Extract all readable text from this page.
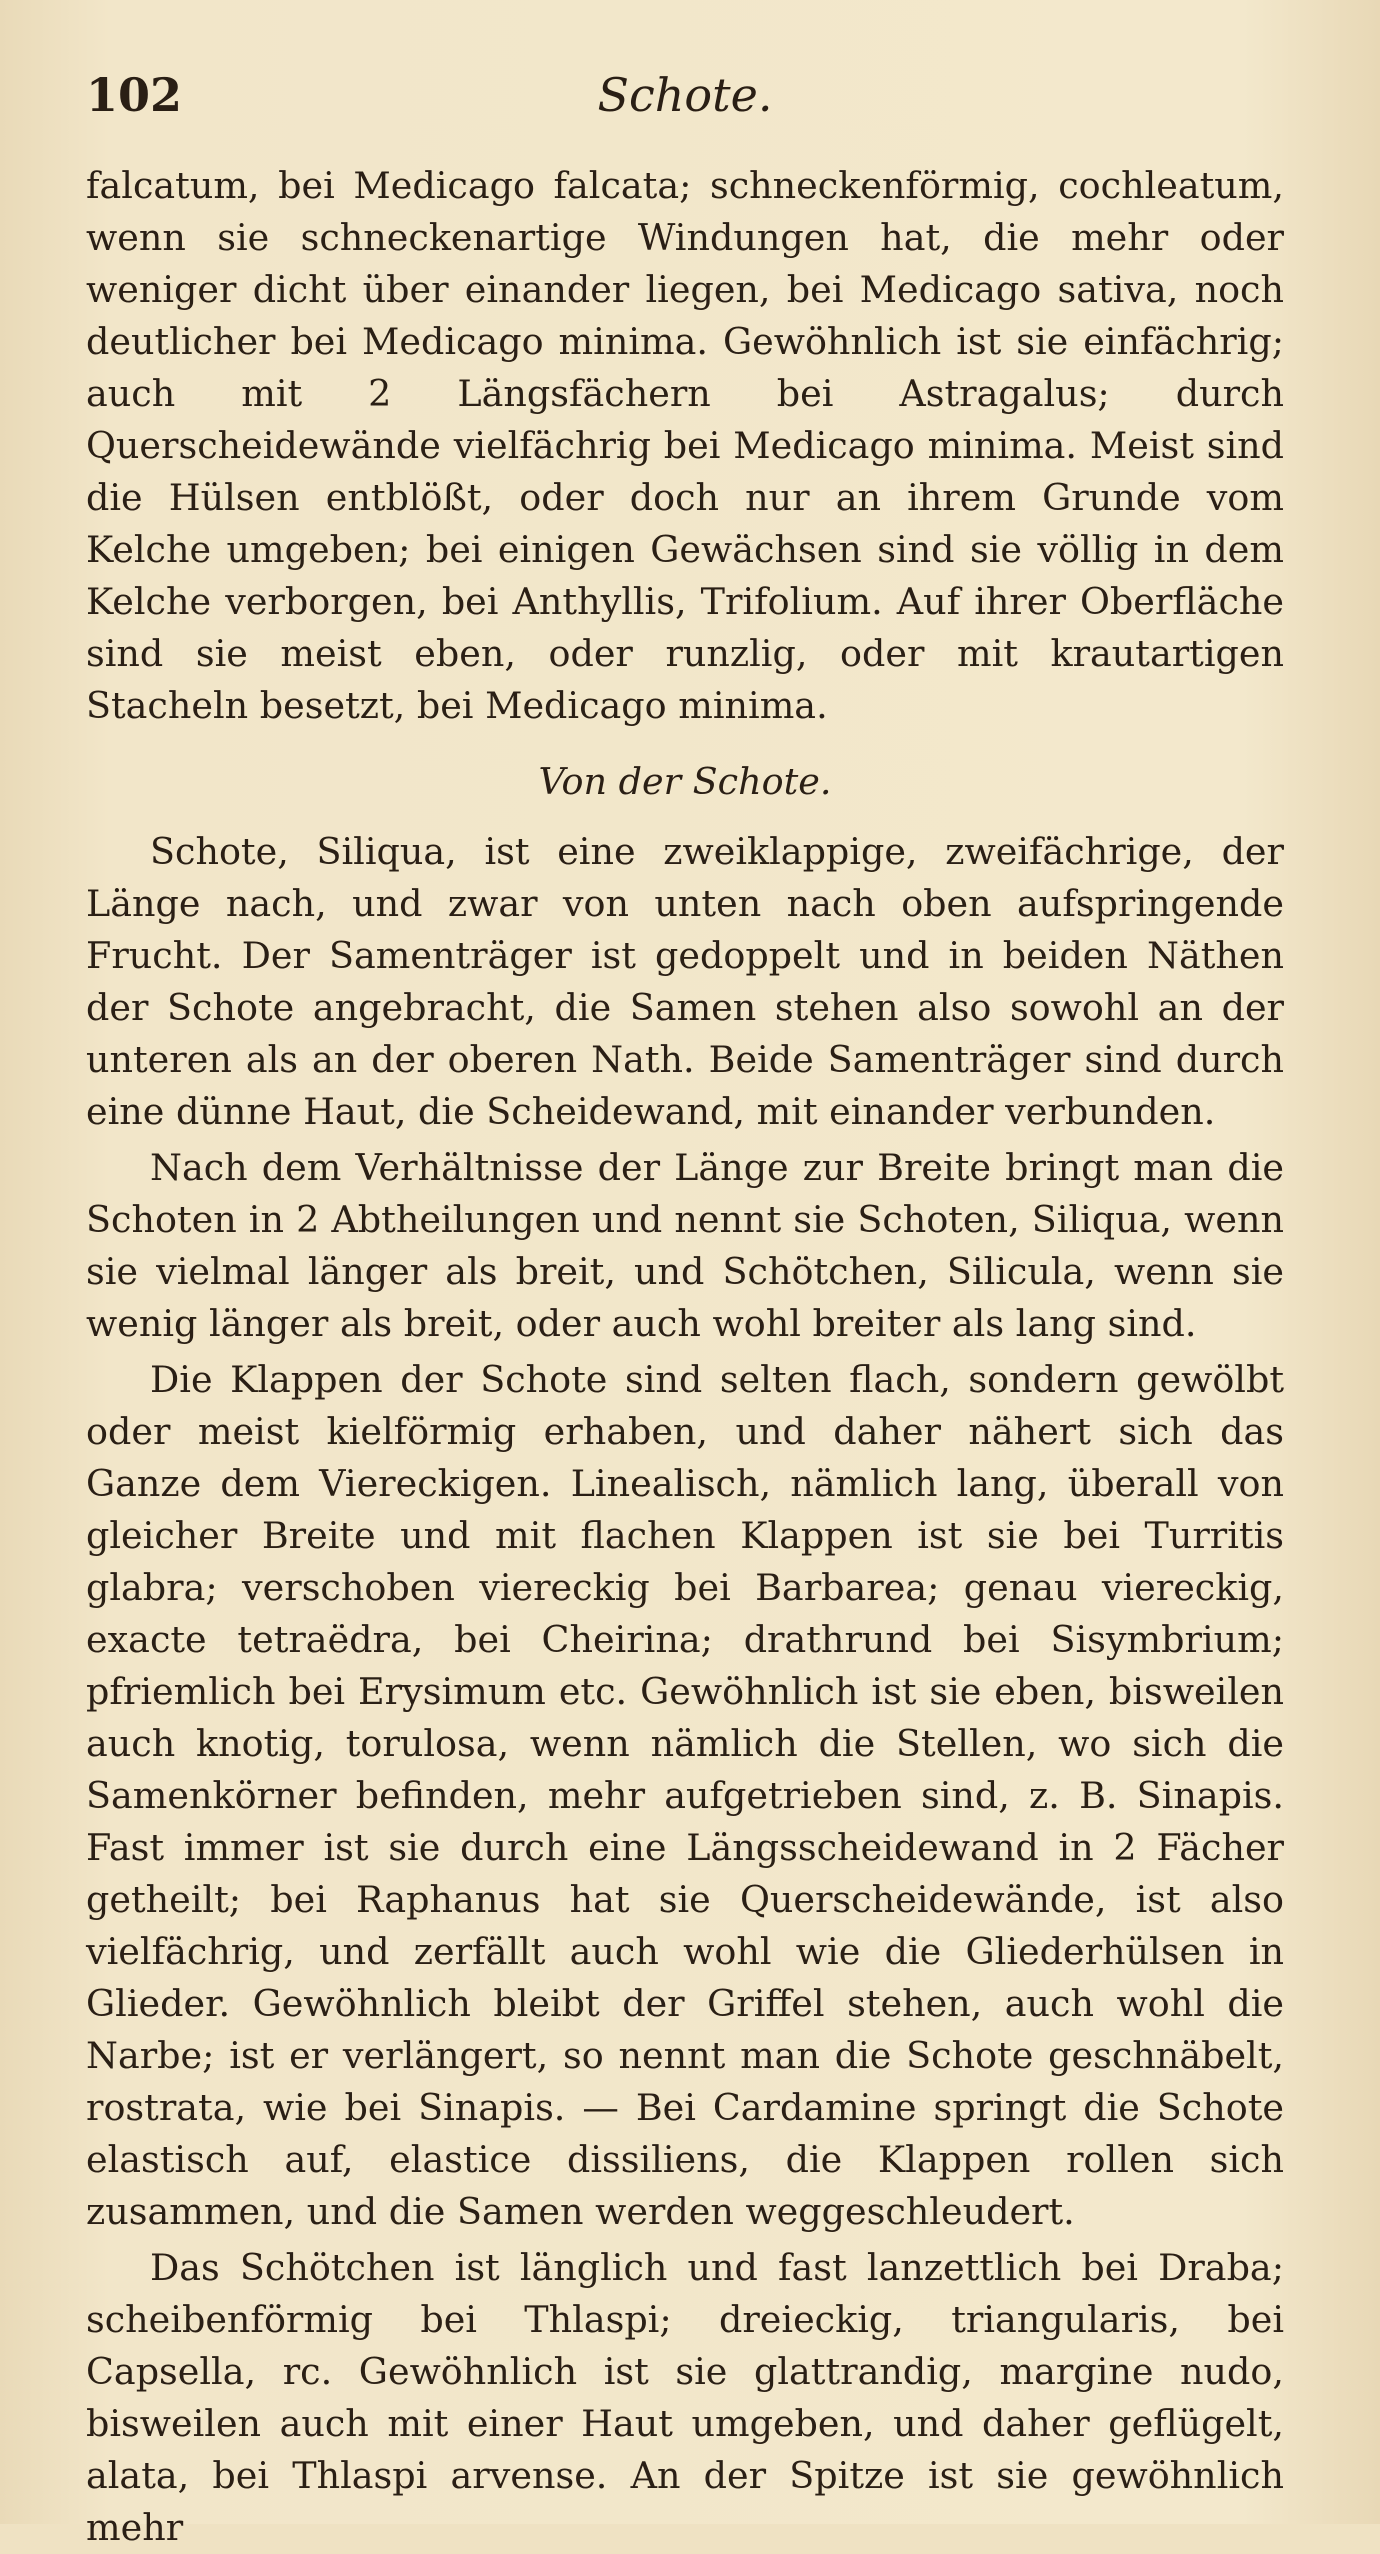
102	Schote.

falcatum, bei Medicago falcata; schneckenförmig, cochleatum, wenn sie schneckenartige Windungen hat, die mehr oder weniger dicht über einander liegen, bei Medicago sativa, noch deutlicher bei Medicago minima. Gewöhnlich ist sie einfächrig; auch mit 2 Längsfächern bei Astragalus; durch Querscheidewände vielfächrig bei Medicago minima. Meist sind die Hülsen entblößt, oder doch nur an ihrem Grunde vom Kelche umgeben; bei einigen Gewächsen sind sie völlig in dem Kelche verborgen, bei Anthyllis, Trifolium. Auf ihrer Oberfläche sind sie meist eben, oder runzlig, oder mit krautartigen Stacheln besetzt, bei Medicago minima.

Von der Schote.

Schote, Siliqua, ist eine zweiklappige, zweifächrige, der Länge nach, und zwar von unten nach oben aufspringende Frucht. Der Samenträger ist gedoppelt und in beiden Näthen der Schote angebracht, die Samen stehen also sowohl an der unteren als an der oberen Nath. Beide Samenträger sind durch eine dünne Haut, die Scheidewand, mit einander verbunden.

Nach dem Verhältnisse der Länge zur Breite bringt man die Schoten in 2 Abtheilungen und nennt sie Schoten, Siliqua, wenn sie vielmal länger als breit, und Schötchen, Silicula, wenn sie wenig länger als breit, oder auch wohl breiter als lang sind.

Die Klappen der Schote sind selten flach, sondern gewölbt oder meist kielförmig erhaben, und daher nähert sich das Ganze dem Viereckigen. Linealisch, nämlich lang, überall von gleicher Breite und mit flachen Klappen ist sie bei Turritis glabra; verschoben viereckig bei Barbarea; genau viereckig, exacte tetraëdra, bei Cheirina; drathrund bei Sisymbrium; pfriemlich bei Erysimum etc. Gewöhnlich ist sie eben, bisweilen auch knotig, torulosa, wenn nämlich die Stellen, wo sich die Samenkörner befinden, mehr aufgetrieben sind, z. B. Sinapis. Fast immer ist sie durch eine Längsscheidewand in 2 Fächer getheilt; bei Raphanus hat sie Querscheidewände, ist also vielfächrig, und zerfällt auch wohl wie die Gliederhülsen in Glieder. Gewöhnlich bleibt der Griffel stehen, auch wohl die Narbe; ist er verlängert, so nennt man die Schote geschnäbelt, rostrata, wie bei Sinapis. — Bei Cardamine springt die Schote elastisch auf, elastice dissiliens, die Klappen rollen sich zusammen, und die Samen werden weggeschleudert.

Das Schötchen ist länglich und fast lanzettlich bei Draba; scheibenförmig bei Thlaspi; dreieckig, triangularis, bei Capsella, rc. Gewöhnlich ist sie glattrandig, margine nudo, bisweilen auch mit einer Haut umgeben, und daher geflügelt, alata, bei Thlaspi arvense. An der Spitze ist sie gewöhnlich mehr
